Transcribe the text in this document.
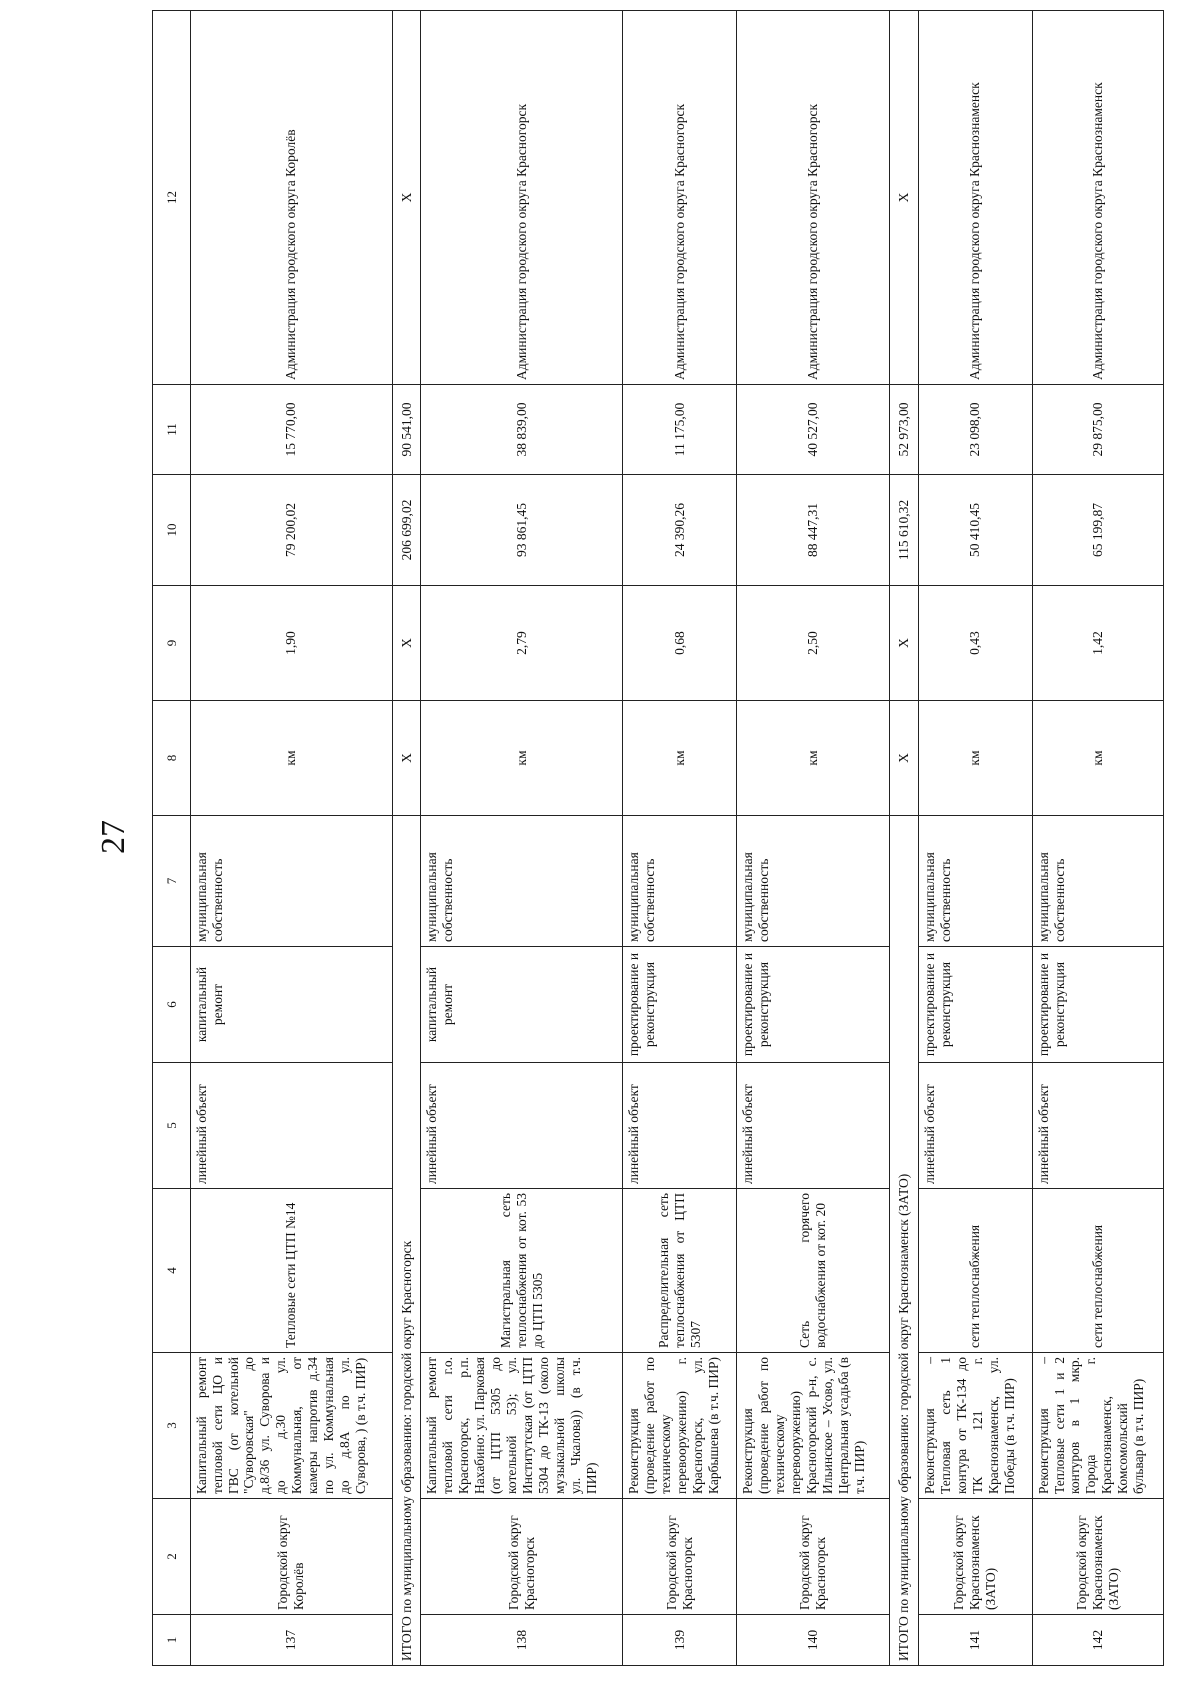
27
1	2	3	4	5	6	7	8	9	10	11	12
137	Городской округ Королёв	Капитальный ремонт тепловой сети ЦО и ГВС (от котельной "Суворовская" до д.8/36 ул. Суворова и до д.30 ул. Коммунальная, от камеры напротив д.34 по ул. Коммунальная до д.8А по ул. Суворова, ) (в т.ч. ПИР)	Тепловые сети ЦТП №14	линейный объект	капитальный ремонт	муниципальная собственность	км	1,90	79 200,02	15 770,00	Администрация городского округа Королёв
ИТОГО по муниципальному образованию: городской округ Красногорск							Х	Х	206 699,02	90 541,00	Х
138	Городской округ Красногорск	Капитальный ремонт тепловой сети г.о. Красногорск, р.п. Нахабино: ул. Парковая (от ЦТП 5305 до котельной 53); ул. Институтская (от ЦТП 5304 до ТК-13 (около музыкальной школы ул. Чкалова)) (в т.ч. ПИР)	Магистральная сеть теплоснабжения от кот. 53 до ЦТП 5305	линейный объект	капитальный ремонт	муниципальная собственность	км	2,79	93 861,45	38 839,00	Администрация городского округа Красногорск
139	Городской округ Красногорск	Реконструкция (проведение работ по техническому перевооружению) г. Красногорск, ул. Карбышева (в т.ч. ПИР)	Распределительная сеть теплоснабжения от ЦТП 5307	линейный объект	проектирование и реконструкция	муниципальная собственность	км	0,68	24 390,26	11 175,00	Администрация городского округа Красногорск
140	Городской округ Красногорск	Реконструкция (проведение работ по техническому перевооружению) Красногорский р-н, с. Ильинское – Усово, ул. Центральная усадьба (в т.ч. ПИР)	Сеть горячего водоснабжения от кот. 20	линейный объект	проектирование и реконструкция	муниципальная собственность	км	2,50	88 447,31	40 527,00	Администрация городского округа Красногорск
ИТОГО по муниципальному образованию: городской округ Краснознаменск (ЗАТО)							Х	Х	115 610,32	52 973,00	Х
141	Городской округ Краснознаменск (ЗАТО)	Реконструкция – Тепловая сеть 1 контура от ТК-134 до ТК 121 г. Краснознаменск, ул. Победы (в т.ч. ПИР)	сети теплоснабжения	линейный объект	проектирование и реконструкция	муниципальная собственность	км	0,43	50 410,45	23 098,00	Администрация городского округа Краснознаменск
142	Городской округ Краснознаменск (ЗАТО)	Реконструкция – Тепловые сети 1 и 2 контуров в 1 мкр. Города г. Краснознаменск, Комсомольский бульвар (в т.ч. ПИР)	сети теплоснабжения	линейный объект	проектирование и реконструкция	муниципальная собственность	км	1,42	65 199,87	29 875,00	Администрация городского округа Краснознаменск
